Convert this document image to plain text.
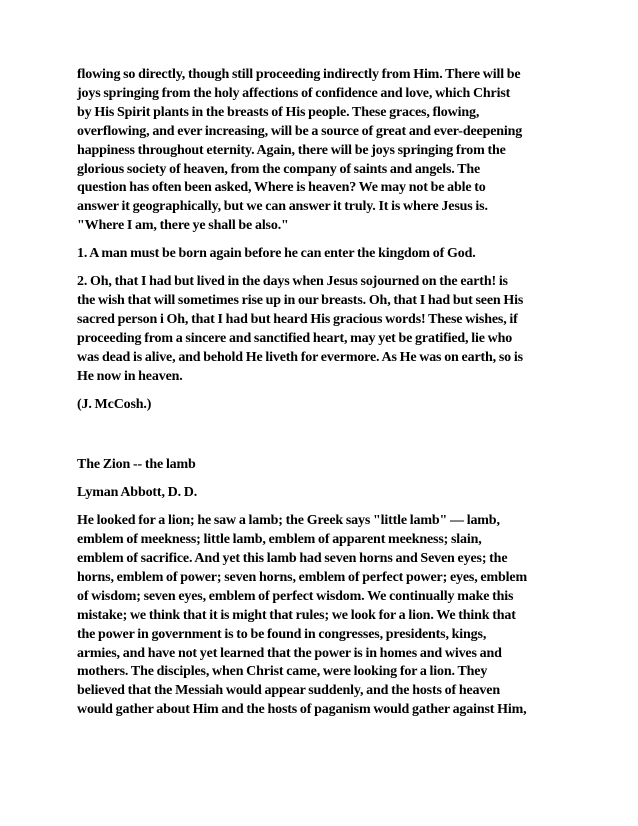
flowing so directly, though still proceeding indirectly from Him. There will be
joys springing from the holy affections of confidence and love, which Christ
by His Spirit plants in the breasts of His people. These graces, flowing,
overflowing, and ever increasing, will be a source of great and ever-deepening
happiness throughout eternity. Again, there will be joys springing from the
glorious society of heaven, from the company of saints and angels. The
question has often been asked, Where is heaven? We may not be able to
answer it geographically, but we can answer it truly. It is where Jesus is.
"Where I am, there ye shall be also."
1. A man must be born again before he can enter the kingdom of God.
2. Oh, that I had but lived in the days when Jesus sojourned on the earth! is
the wish that will sometimes rise up in our breasts. Oh, that I had but seen His
sacred person i Oh, that I had but heard His gracious words! These wishes, if
proceeding from a sincere and sanctified heart, may yet be gratified, lie who
was dead is alive, and behold He liveth for evermore. As He was on earth, so is
He now in heaven.
(J. McCosh.)
The Zion -- the lamb
Lyman Abbott, D. D.
He looked for a lion; he saw a lamb; the Greek says "little lamb" — lamb,
emblem of meekness; little lamb, emblem of apparent meekness; slain,
emblem of sacrifice. And yet this lamb had seven horns and Seven eyes; the
horns, emblem of power; seven horns, emblem of perfect power; eyes, emblem
of wisdom; seven eyes, emblem of perfect wisdom. We continually make this
mistake; we think that it is might that rules; we look for a lion. We think that
the power in government is to be found in congresses, presidents, kings,
armies, and have not yet learned that the power is in homes and wives and
mothers. The disciples, when Christ came, were looking for a lion. They
believed that the Messiah would appear suddenly, and the hosts of heaven
would gather about Him and the hosts of paganism would gather against Him,
